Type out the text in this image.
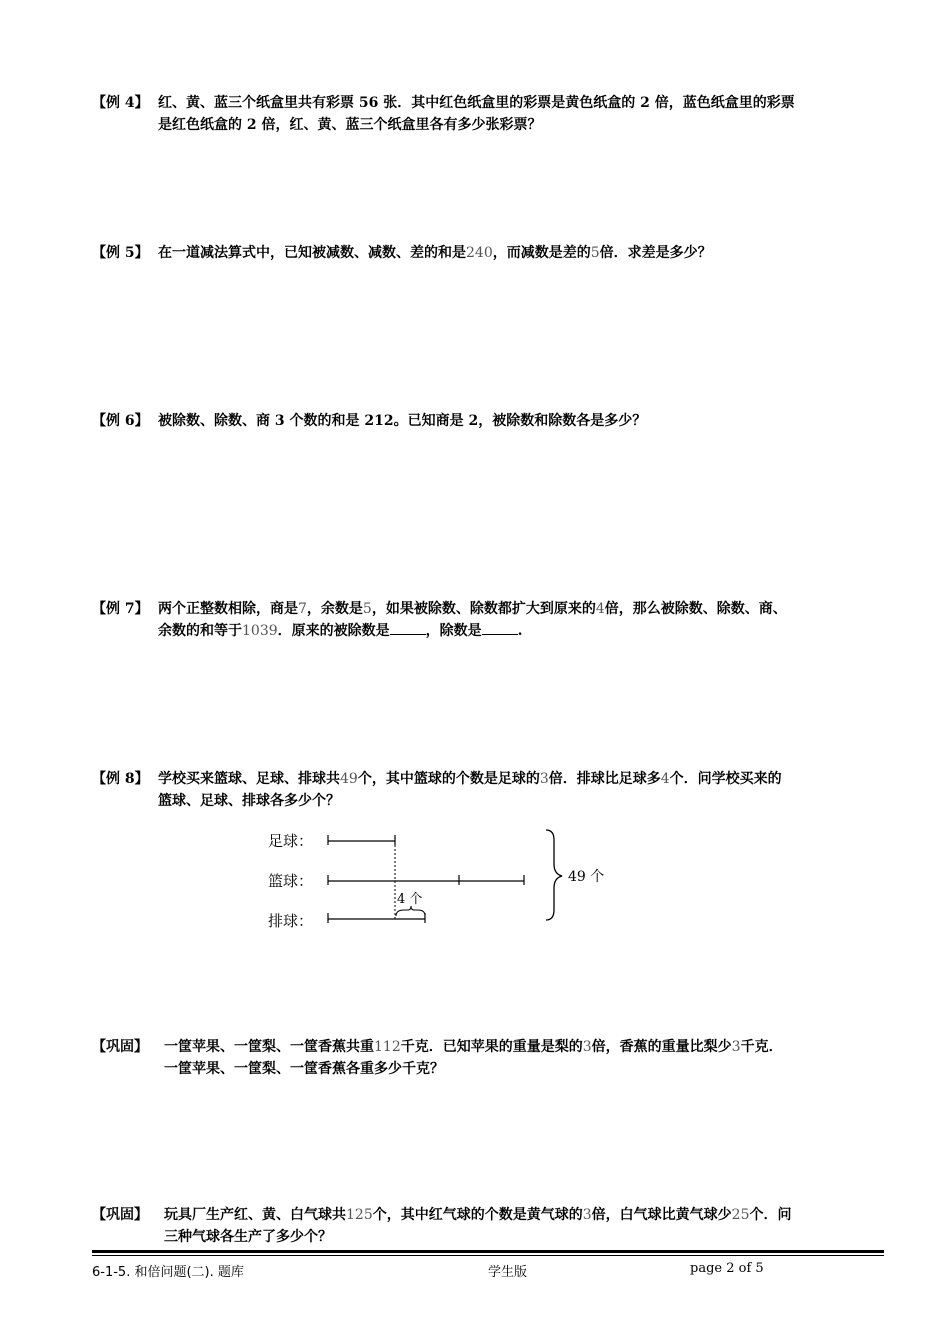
【例 4】 红、黄、蓝三个纸盒里共有彩票 56 张．其中红色纸盒里的彩票是黄色纸盒的 2 倍，蓝色纸盒里的彩票
是红色纸盒的 2 倍，红、黄、蓝三个纸盒里各有多少张彩票？
【例 5】 在一道减法算式中，已知被减数、减数、差的和是240，而减数是差的5倍．求差是多少？
【例 6】 被除数、除数、商 3 个数的和是 212。已知商是 2，被除数和除数各是多少？
【例 7】 两个正整数相除，商是7，余数是5，如果被除数、除数都扩大到原来的4倍，那么被除数、除数、商、
余数的和等于1039．原来的被除数是	，除数是	.
【例 8】 学校买来篮球、足球、排球共49个，其中篮球的个数是足球的3倍．排球比足球多4个．问学校买来的
篮球、足球、排球各多少个？
足球：
篮球：
排球：
4 个
49 个
【巩固】 一筐苹果、一筐梨、一筐香蕉共重112千克．已知苹果的重量是梨的3倍，香蕉的重量比梨少3千克．
一筐苹果、一筐梨、一筐香蕉各重多少千克？
【巩固】 玩具厂生产红、黄、白气球共125个，其中红气球的个数是黄气球的3倍，白气球比黄气球少25个．问
三种气球各生产了多少个？
6-1-5. 和倍问题(二). 题库	学生版	page 2 of 5
